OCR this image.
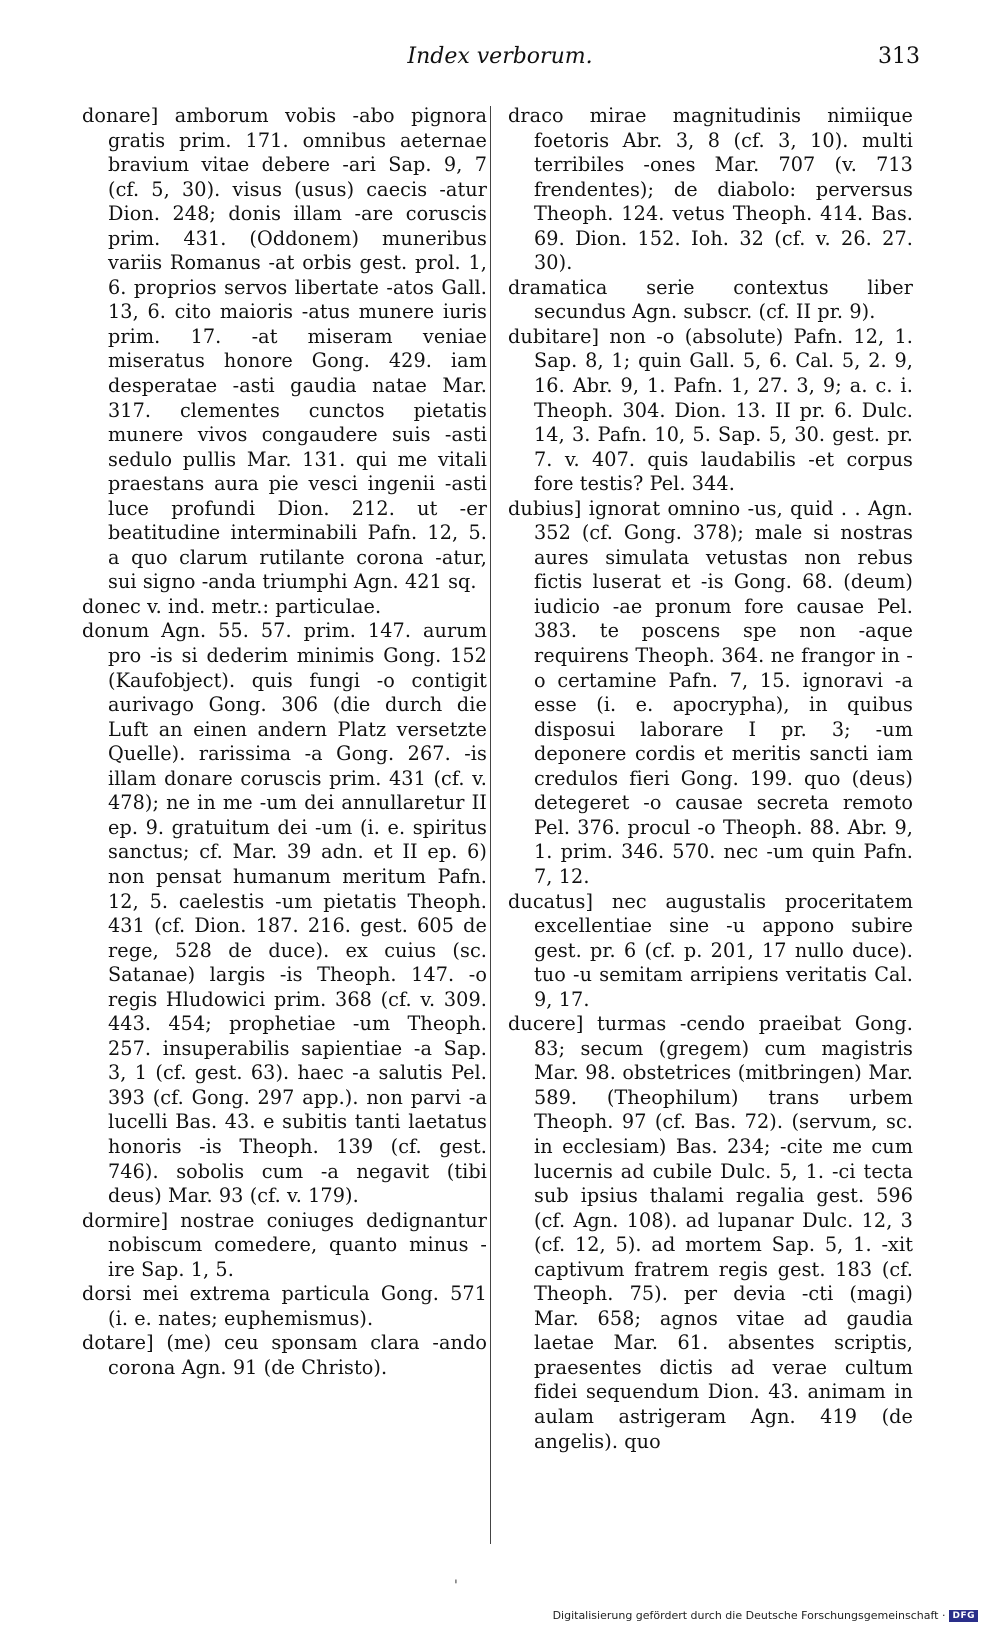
Index verborum.	313

donare] amborum vobis -abo pignora gratis prim. 171. omnibus aeternae bravium vitae debere -ari Sap. 9, 7 (cf. 5, 30). visus (usus) caecis -atur Dion. 248; donis illam -are coruscis prim. 431. (Oddonem) muneribus variis Romanus -at orbis gest. prol. 1, 6. proprios servos libertate -atos Gall. 13, 6. cito maioris -atus munere iuris prim. 17. -at miseram veniae miseratus honore Gong. 429. iam desperatae -asti gaudia natae Mar. 317. clementes cunctos pietatis munere vivos congaudere suis -asti sedulo pullis Mar. 131. qui me vitali praestans aura pie vesci ingenii -asti luce profundi Dion. 212. ut -er beatitudine interminabili Pafn. 12, 5. a quo clarum rutilante corona -atur, sui signo -anda triumphi Agn. 421 sq.

donec v. ind. metr.: particulae.

donum Agn. 55. 57. prim. 147. aurum pro -is si dederim minimis Gong. 152 (Kaufobject). quis fungi -o contigit aurivago Gong. 306 (die durch die Luft an einen andern Platz versetzte Quelle). rarissima -a Gong. 267. -is illam donare coruscis prim. 431 (cf. v. 478); ne in me -um dei annullaretur II ep. 9. gratuitum dei -um (i. e. spiritus sanctus; cf. Mar. 39 adn. et II ep. 6) non pensat humanum meritum Pafn. 12, 5. caelestis -um pietatis Theoph. 431 (cf. Dion. 187. 216. gest. 605 de rege, 528 de duce). ex cuius (sc. Satanae) largis -is Theoph. 147. -o regis Hludowici prim. 368 (cf. v. 309. 443. 454; prophetiae -um Theoph. 257. insuperabilis sapientiae -a Sap. 3, 1 (cf. gest. 63). haec -a salutis Pel. 393 (cf. Gong. 297 app.). non parvi -a lucelli Bas. 43. e subitis tanti laetatus honoris -is Theoph. 139 (cf. gest. 746). sobolis cum -a negavit (tibi deus) Mar. 93 (cf. v. 179).

dormire] nostrae coniuges dedignantur nobiscum comedere, quanto minus -ire Sap. 1, 5.

dorsi mei extrema particula Gong. 571 (i. e. nates; euphemismus).

dotare] (me) ceu sponsam clara -ando corona Agn. 91 (de Christo).

draco mirae magnitudinis nimiique foetoris Abr. 3, 8 (cf. 3, 10). multi terribiles -ones Mar. 707 (v. 713 frendentes); de diabolo: perversus Theoph. 124. vetus Theoph. 414. Bas. 69. Dion. 152. Ioh. 32 (cf. v. 26. 27. 30).

dramatica serie contextus liber secundus Agn. subscr. (cf. II pr. 9).

dubitare] non -o (absolute) Pafn. 12, 1. Sap. 8, 1; quin Gall. 5, 6. Cal. 5, 2. 9, 16. Abr. 9, 1. Pafn. 1, 27. 3, 9; a. c. i. Theoph. 304. Dion. 13. II pr. 6. Dulc. 14, 3. Pafn. 10, 5. Sap. 5, 30. gest. pr. 7. v. 407. quis laudabilis -et corpus fore testis? Pel. 344.

dubius] ignorat omnino -us, quid . . Agn. 352 (cf. Gong. 378); male si nostras aures simulata vetustas non rebus fictis luserat et -is Gong. 68. (deum) iudicio -ae pronum fore causae Pel. 383. te poscens spe non -aque requirens Theoph. 364. ne frangor in -o certamine Pafn. 7, 15. ignoravi -a esse (i. e. apocrypha), in quibus disposui laborare I pr. 3; -um deponere cordis et meritis sancti iam credulos fieri Gong. 199. quo (deus) detegeret -o causae secreta remoto Pel. 376. procul -o Theoph. 88. Abr. 9, 1. prim. 346. 570. nec -um quin Pafn. 7, 12.

ducatus] nec augustalis proceritatem excellentiae sine -u appono subire gest. pr. 6 (cf. p. 201, 17 nullo duce). tuo -u semitam arripiens veritatis Cal. 9, 17.

ducere] turmas -cendo praeibat Gong. 83; secum (gregem) cum magistris Mar. 98. obstetrices (mitbringen) Mar. 589. (Theophilum) trans urbem Theoph. 97 (cf. Bas. 72). (servum, sc. in ecclesiam) Bas. 234; -cite me cum lucernis ad cubile Dulc. 5, 1. -ci tecta sub ipsius thalami regalia gest. 596 (cf. Agn. 108). ad lupanar Dulc. 12, 3 (cf. 12, 5). ad mortem Sap. 5, 1. -xit captivum fratrem regis gest. 183 (cf. Theoph. 75). per devia -cti (magi) Mar. 658; agnos vitae ad gaudia laetae Mar. 61. absentes scriptis, praesentes dictis ad verae cultum fidei sequendum Dion. 43. animam in aulam astrigeram Agn. 419 (de angelis). quo

'
Digitalisierung gefördert durch die Deutsche Forschungsgemeinschaft · DFG
